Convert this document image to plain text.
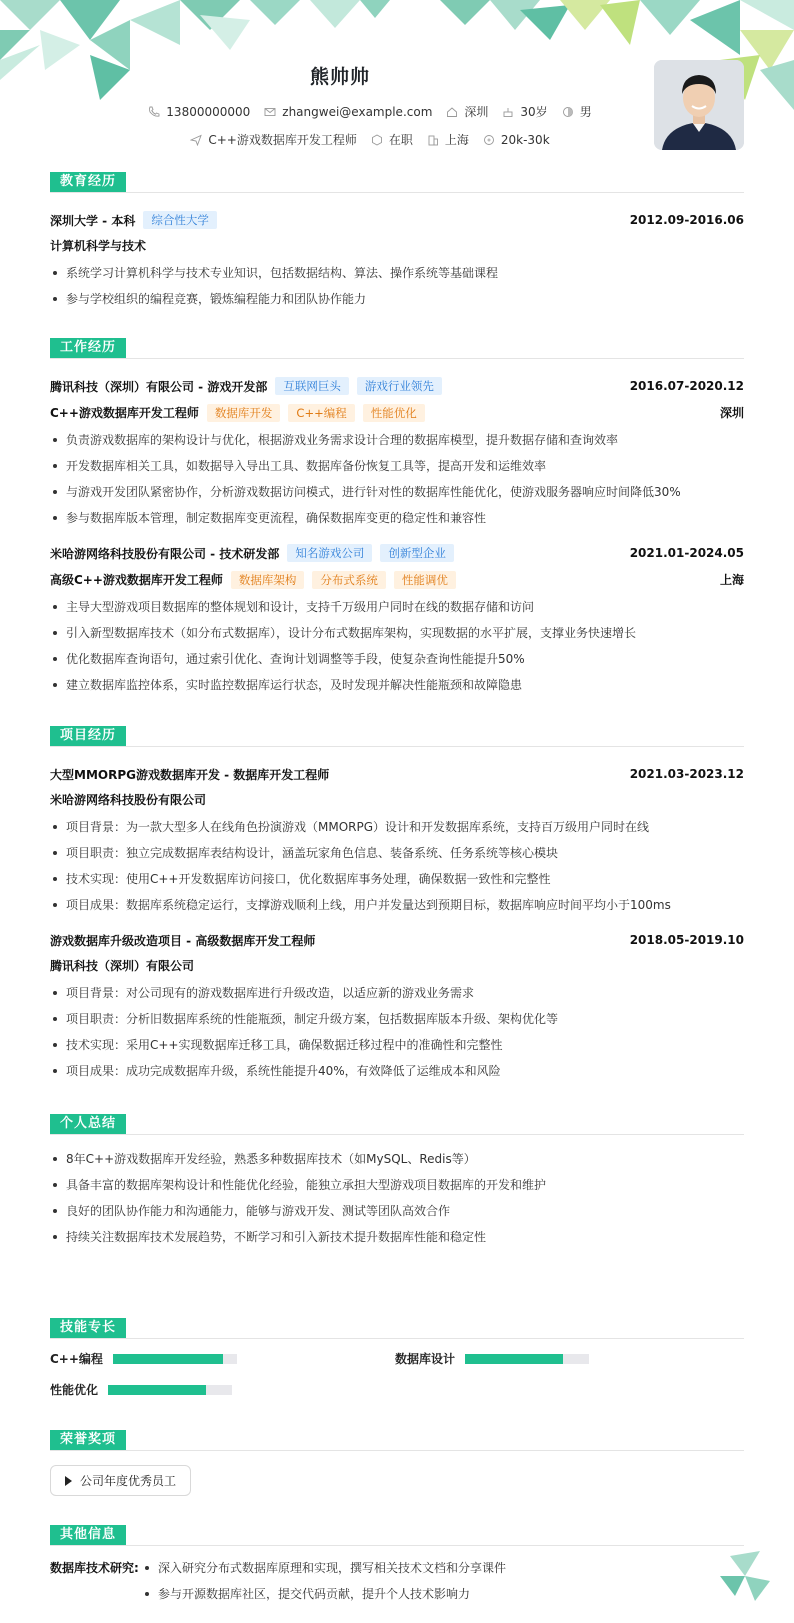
熊帅帅
13800000000	zhangwei@example.com	深圳	30岁	男
C++游戏数据库开发工程师	在职	上海	20k-30k
教育经历
深圳大学 - 本科	综合性大学	2012.09-2016.06
计算机科学与技术
系统学习计算机科学与技术专业知识，包括数据结构、算法、操作系统等基础课程
参与学校组织的编程竞赛，锻炼编程能力和团队协作能力
工作经历
腾讯科技（深圳）有限公司 - 游戏开发部	互联网巨头	游戏行业领先	2016.07-2020.12
C++游戏数据库开发工程师	数据库开发	C++编程	性能优化	深圳
负责游戏数据库的架构设计与优化，根据游戏业务需求设计合理的数据库模型，提升数据存储和查询效率
开发数据库相关工具，如数据导入导出工具、数据库备份恢复工具等，提高开发和运维效率
与游戏开发团队紧密协作，分析游戏数据访问模式，进行针对性的数据库性能优化，使游戏服务器响应时间降低30%
参与数据库版本管理，制定数据库变更流程，确保数据库变更的稳定性和兼容性
米哈游网络科技股份有限公司 - 技术研发部	知名游戏公司	创新型企业	2021.01-2024.05
高级C++游戏数据库开发工程师	数据库架构	分布式系统	性能调优	上海
主导大型游戏项目数据库的整体规划和设计，支持千万级用户同时在线的数据存储和访问
引入新型数据库技术（如分布式数据库），设计分布式数据库架构，实现数据的水平扩展，支撑业务快速增长
优化数据库查询语句，通过索引优化、查询计划调整等手段，使复杂查询性能提升50%
建立数据库监控体系，实时监控数据库运行状态，及时发现并解决性能瓶颈和故障隐患
项目经历
大型MMORPG游戏数据库开发 - 数据库开发工程师	2021.03-2023.12
米哈游网络科技股份有限公司
项目背景：为一款大型多人在线角色扮演游戏（MMORPG）设计和开发数据库系统，支持百万级用户同时在线
项目职责：独立完成数据库表结构设计，涵盖玩家角色信息、装备系统、任务系统等核心模块
技术实现：使用C++开发数据库访问接口，优化数据库事务处理，确保数据一致性和完整性
项目成果：数据库系统稳定运行，支撑游戏顺利上线，用户并发量达到预期目标，数据库响应时间平均小于100ms
游戏数据库升级改造项目 - 高级数据库开发工程师	2018.05-2019.10
腾讯科技（深圳）有限公司
项目背景：对公司现有的游戏数据库进行升级改造，以适应新的游戏业务需求
项目职责：分析旧数据库系统的性能瓶颈，制定升级方案，包括数据库版本升级、架构优化等
技术实现：采用C++实现数据库迁移工具，确保数据迁移过程中的准确性和完整性
项目成果：成功完成数据库升级，系统性能提升40%，有效降低了运维成本和风险
个人总结
8年C++游戏数据库开发经验，熟悉多种数据库技术（如MySQL、Redis等）
具备丰富的数据库架构设计和性能优化经验，能独立承担大型游戏项目数据库的开发和维护
良好的团队协作能力和沟通能力，能够与游戏开发、测试等团队高效合作
持续关注数据库技术发展趋势，不断学习和引入新技术提升数据库性能和稳定性
技能专长
C++编程	数据库设计
性能优化
荣誉奖项
公司年度优秀员工
其他信息
数据库技术研究:	深入研究分布式数据库原理和实现，撰写相关技术文档和分享课件
参与开源数据库社区，提交代码贡献，提升个人技术影响力
